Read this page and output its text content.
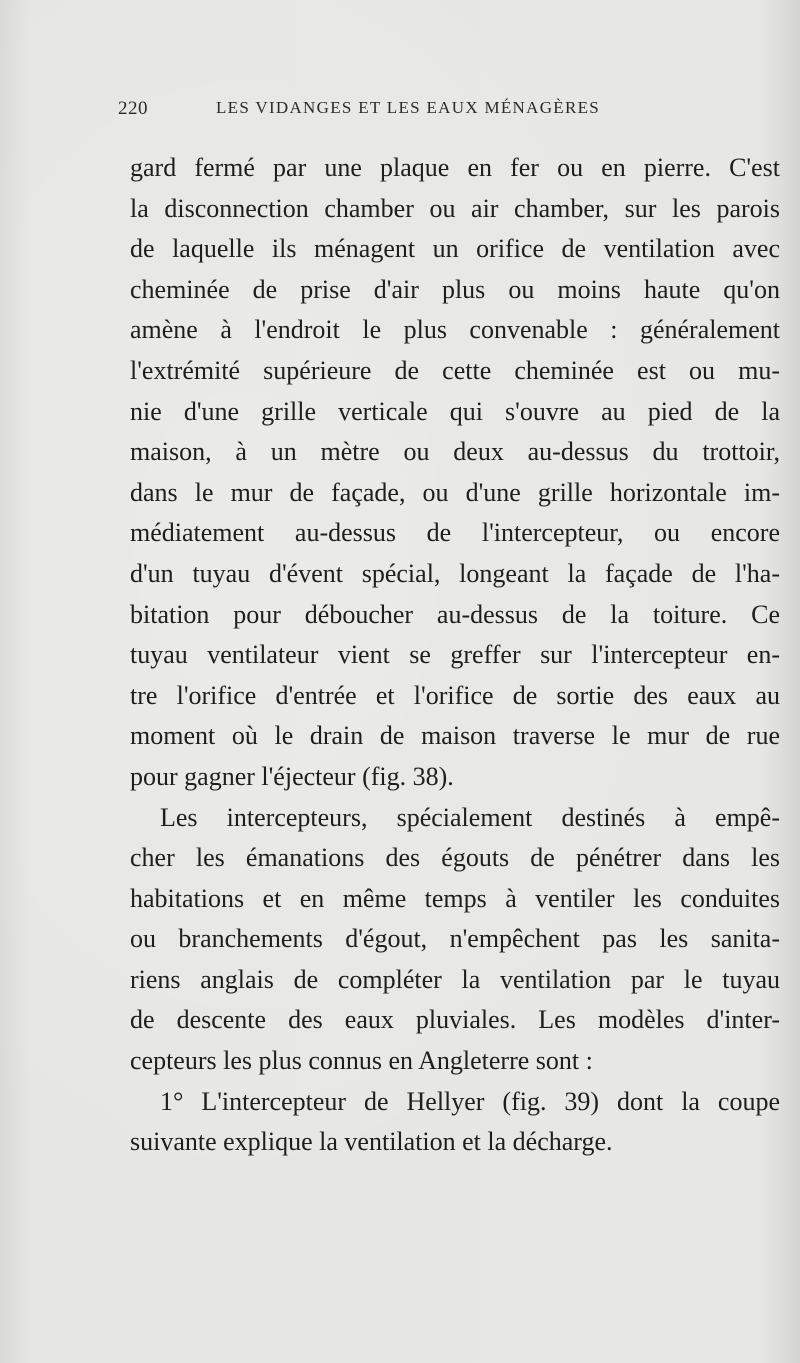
220	LES VIDANGES ET LES EAUX MÉNAGÈRES
gard fermé par une plaque en fer ou en pierre. C'est
la disconnection chamber ou air chamber, sur les parois
de laquelle ils ménagent un orifice de ventilation avec
cheminée de prise d'air plus ou moins haute qu'on
amène à l'endroit le plus convenable : généralement
l'extrémité supérieure de cette cheminée est ou mu-
nie d'une grille verticale qui s'ouvre au pied de la
maison, à un mètre ou deux au-dessus du trottoir,
dans le mur de façade, ou d'une grille horizontale im-
médiatement au-dessus de l'intercepteur, ou encore
d'un tuyau d'évent spécial, longeant la façade de l'ha-
bitation pour déboucher au-dessus de la toiture. Ce
tuyau ventilateur vient se greffer sur l'intercepteur en-
tre l'orifice d'entrée et l'orifice de sortie des eaux au
moment où le drain de maison traverse le mur de rue
pour gagner l'éjecteur (fig. 38).
Les intercepteurs, spécialement destinés à empê-
cher les émanations des égouts de pénétrer dans les
habitations et en même temps à ventiler les conduites
ou branchements d'égout, n'empêchent pas les sanita-
riens anglais de compléter la ventilation par le tuyau
de descente des eaux pluviales. Les modèles d'inter-
cepteurs les plus connus en Angleterre sont :
1° L'intercepteur de Hellyer (fig. 39) dont la coupe
suivante explique la ventilation et la décharge.
